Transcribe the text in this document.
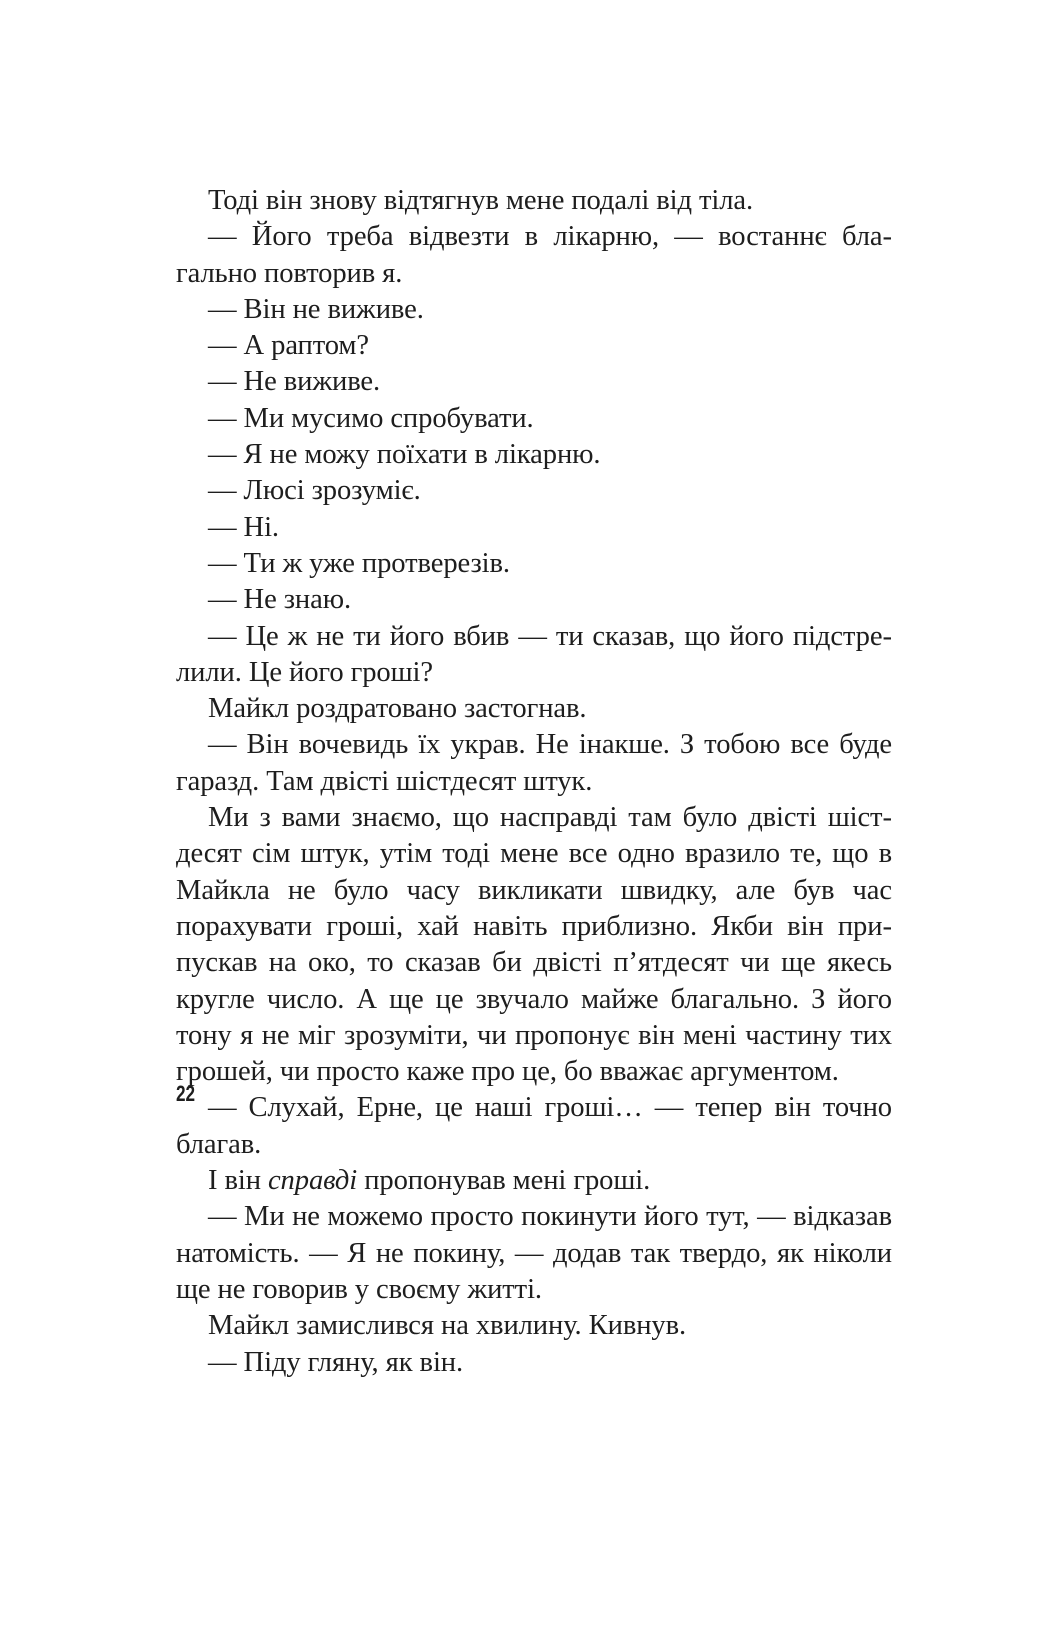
Тоді він знову відтягнув мене подалі від тіла.

— Його треба відвезти в лікарню, — востаннє благально повторив я.

— Він не виживе.

— А раптом?

— Не виживе.

— Ми мусимо спробувати.

— Я не можу поїхати в лікарню.

— Люсі зрозуміє.

— Ні.

— Ти ж уже протверезів.

— Не знаю.

— Це ж не ти його вбив — ти сказав, що його підстрелили. Це його гроші?

Майкл роздратовано застогнав.

— Він вочевидь їх украв. Не інакше. З тобою все буде гаразд. Там двісті шістдесят штук.

Ми з вами знаємо, що насправді там було двісті шістдесят сім штук, утім тоді мене все одно вразило те, що в Майкла не було часу викликати швидку, але був час порахувати гроші, хай навіть приблизно. Якби він припускав на око, то сказав би двісті п’ятдесят чи ще якесь кругле число. А ще це звучало майже благально. З його тону я не міг зрозуміти, чи пропонує він мені частину тих грошей, чи просто каже про це, бо вважає аргументом.

— Слухай, Ерне, це наші гроші… — тепер він точно благав.

І він справді пропонував мені гроші.

— Ми не можемо просто покинути його тут, — відказав натомість. — Я не покину, — додав так твердо, як ніколи ще не говорив у своєму житті.

Майкл замислився на хвилину. Кивнув.

— Піду гляну, як він.

22
